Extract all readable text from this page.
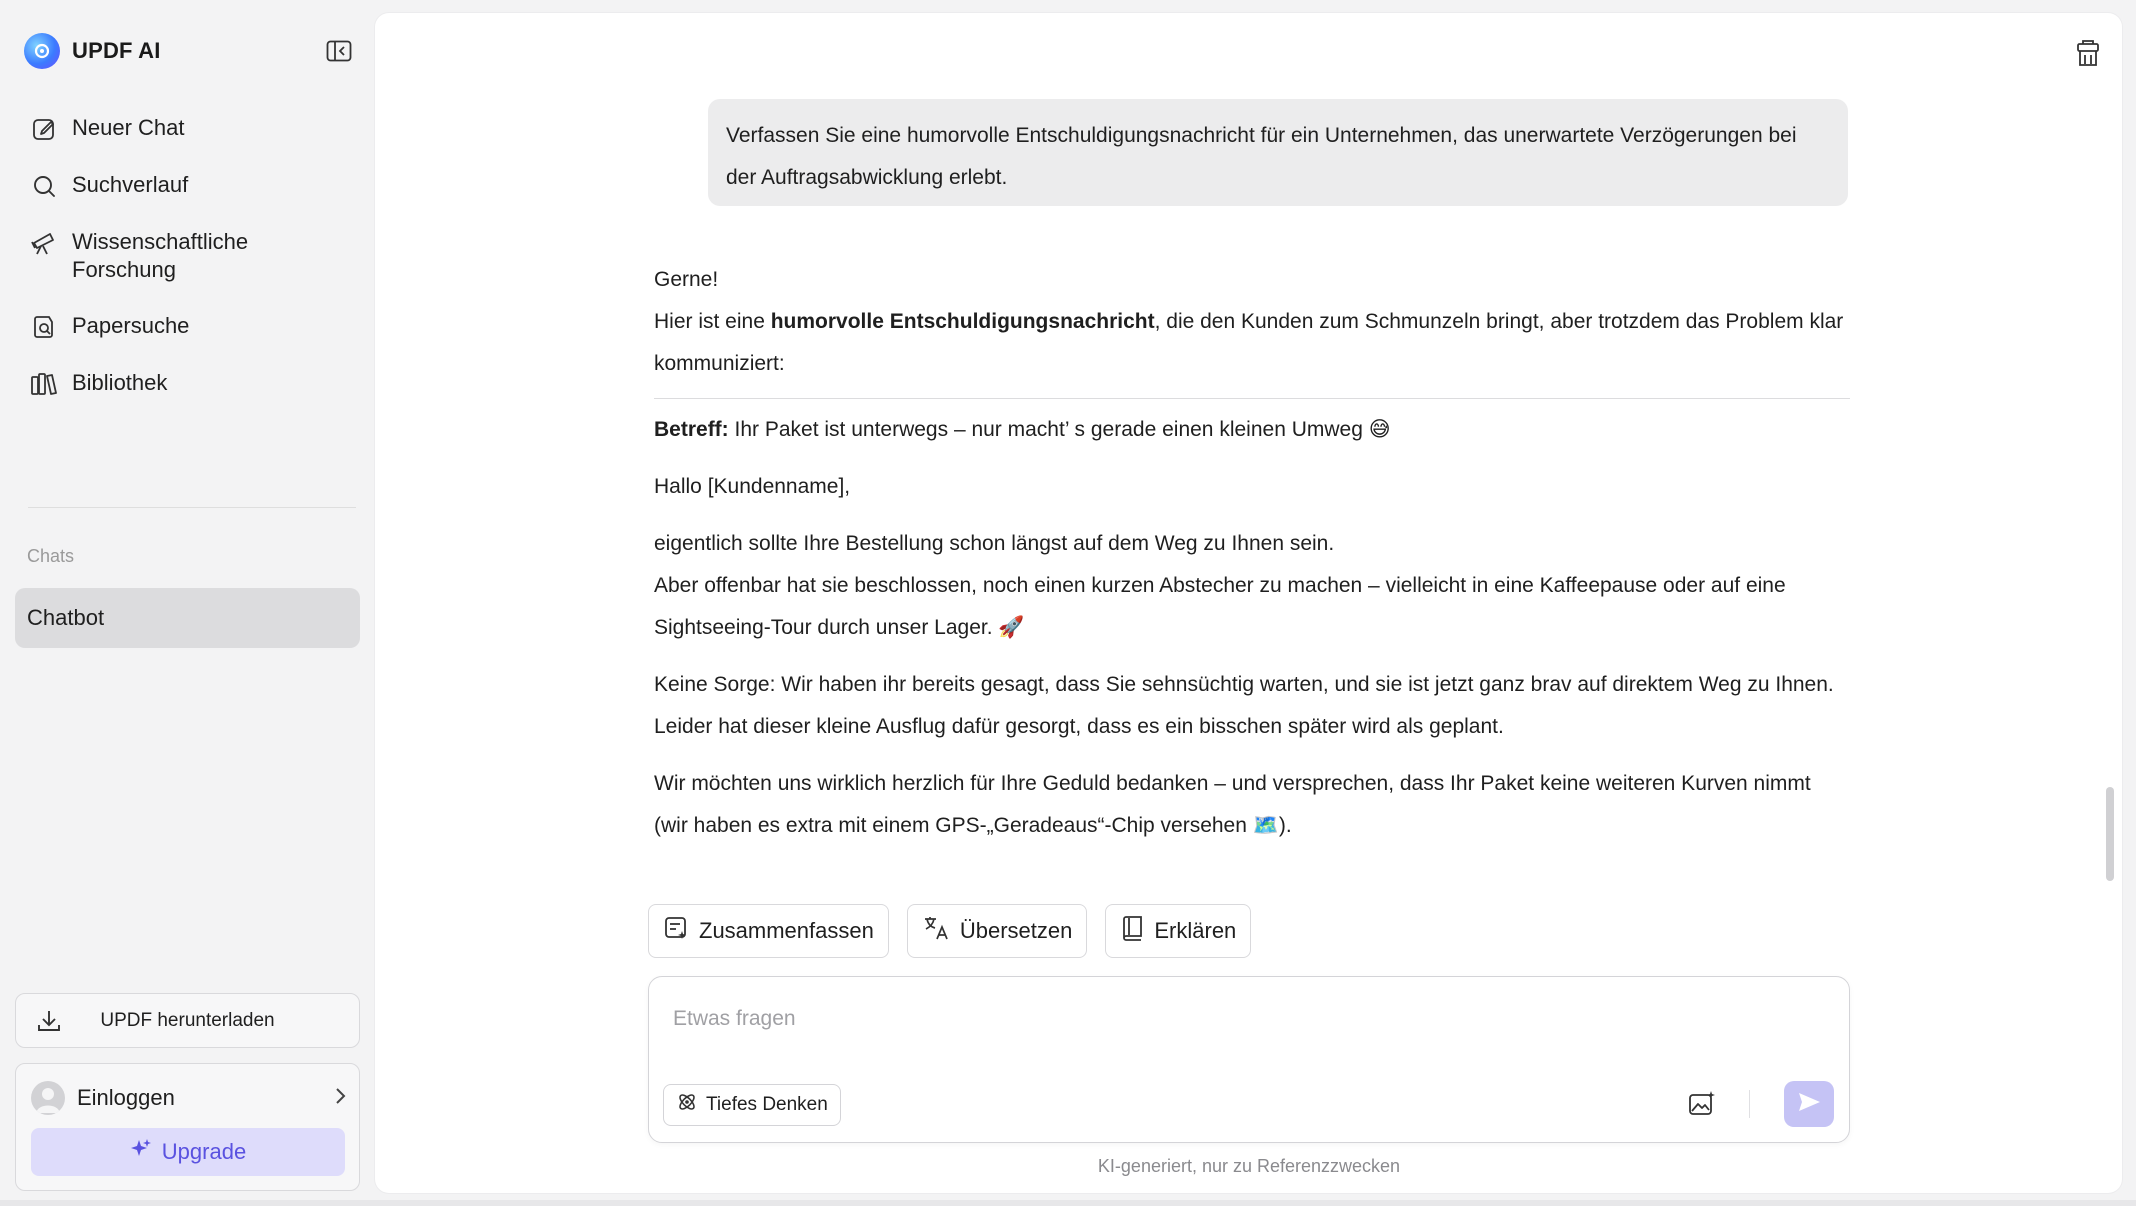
UPDF AI
Neuer Chat
Suchverlauf
Wissenschaftliche Forschung
Papersuche
Bibliothek
Chats
Chatbot
UPDF herunterladen
Einloggen
Upgrade
Verfassen Sie eine humorvolle Entschuldigungsnachricht für ein Unternehmen, das unerwartete Verzögerungen bei der Auftragsabwicklung erlebt.

Gerne!

Hier ist eine humorvolle Entschuldigungsnachricht, die den Kunden zum Schmunzeln bringt, aber trotzdem das Problem klar kommuniziert:

Betreff: Ihr Paket ist unterwegs – nur macht’ s gerade einen kleinen Umweg 😅

Hallo [Kundenname],

eigentlich sollte Ihre Bestellung schon längst auf dem Weg zu Ihnen sein.

Aber offenbar hat sie beschlossen, noch einen kurzen Abstecher zu machen – vielleicht in eine Kaffeepause oder auf eine Sightseeing-Tour durch unser Lager. 🚀

Keine Sorge: Wir haben ihr bereits gesagt, dass Sie sehnsüchtig warten, und sie ist jetzt ganz brav auf direktem Weg zu Ihnen.

Leider hat dieser kleine Ausflug dafür gesorgt, dass es ein bisschen später wird als geplant.

Wir möchten uns wirklich herzlich für Ihre Geduld bedanken – und versprechen, dass Ihr Paket keine weiteren Kurven nimmt (wir haben es extra mit einem GPS-„Geradeaus“-Chip versehen 🗺️).

Zusammenfassen	Übersetzen	Erklären
Etwas fragen
Tiefes Denken
KI-generiert, nur zu Referenzzwecken
